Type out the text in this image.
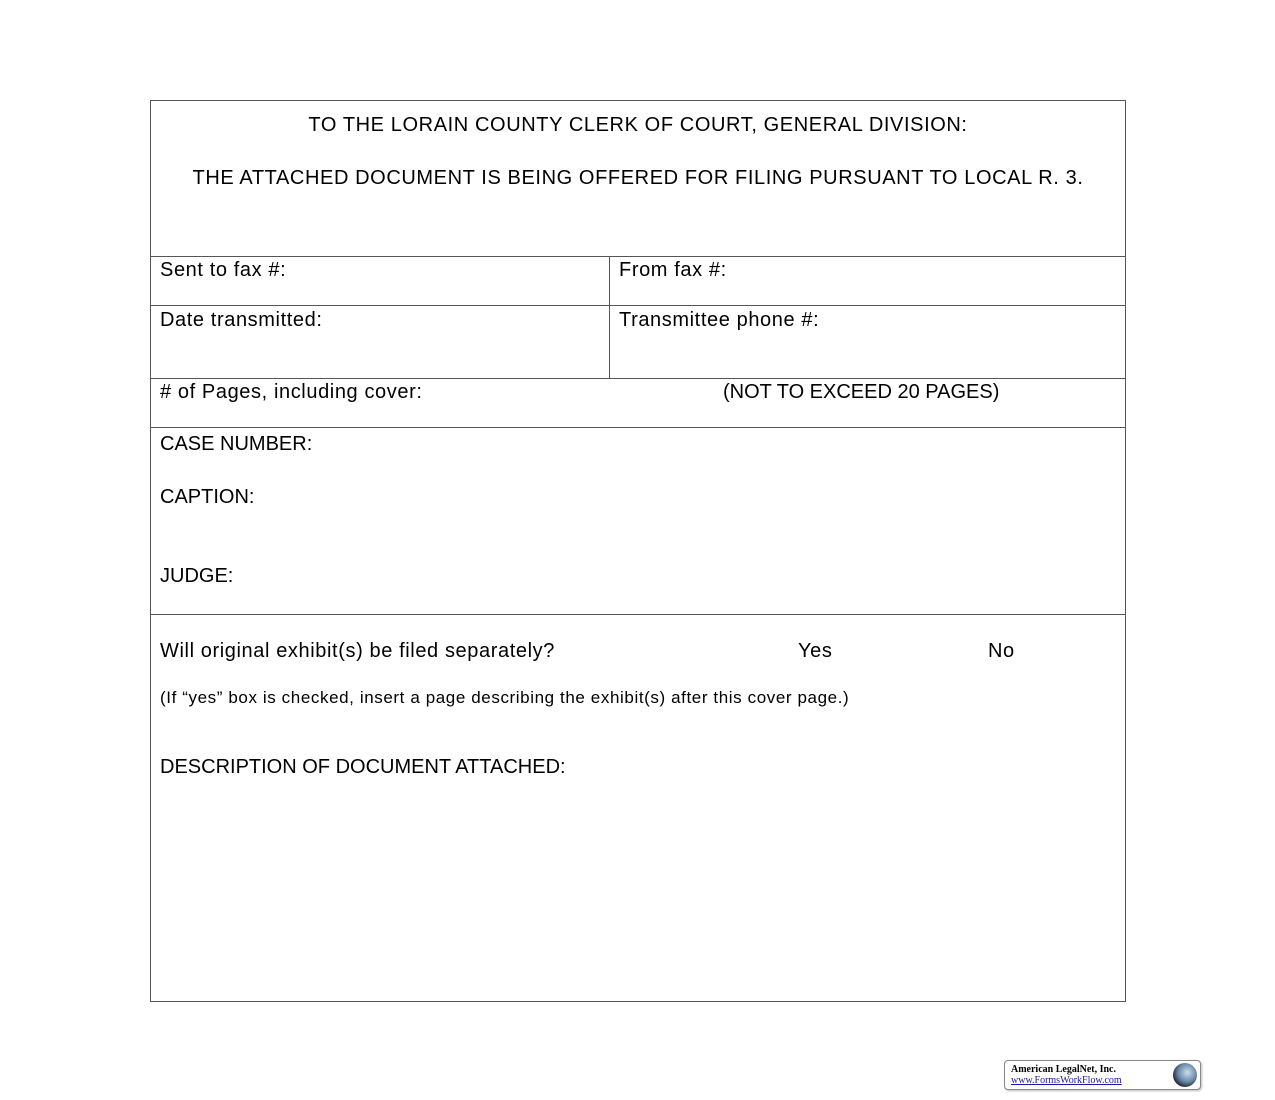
TO THE LORAIN COUNTY CLERK OF COURT, GENERAL DIVISION:
THE ATTACHED DOCUMENT IS BEING OFFERED FOR FILING PURSUANT TO LOCAL R. 3.
Sent to fax #:	From fax #:
Date transmitted:	Transmittee phone #:
# of Pages, including cover:	(NOT TO EXCEED 20 PAGES)
CASE NUMBER:
CAPTION:
JUDGE:
Will original exhibit(s) be filed separately?	Yes	No
(If “yes” box is checked, insert a page describing the exhibit(s) after this cover page.)
DESCRIPTION OF DOCUMENT ATTACHED:
American LegalNet, Inc.
www.FormsWorkFlow.com
